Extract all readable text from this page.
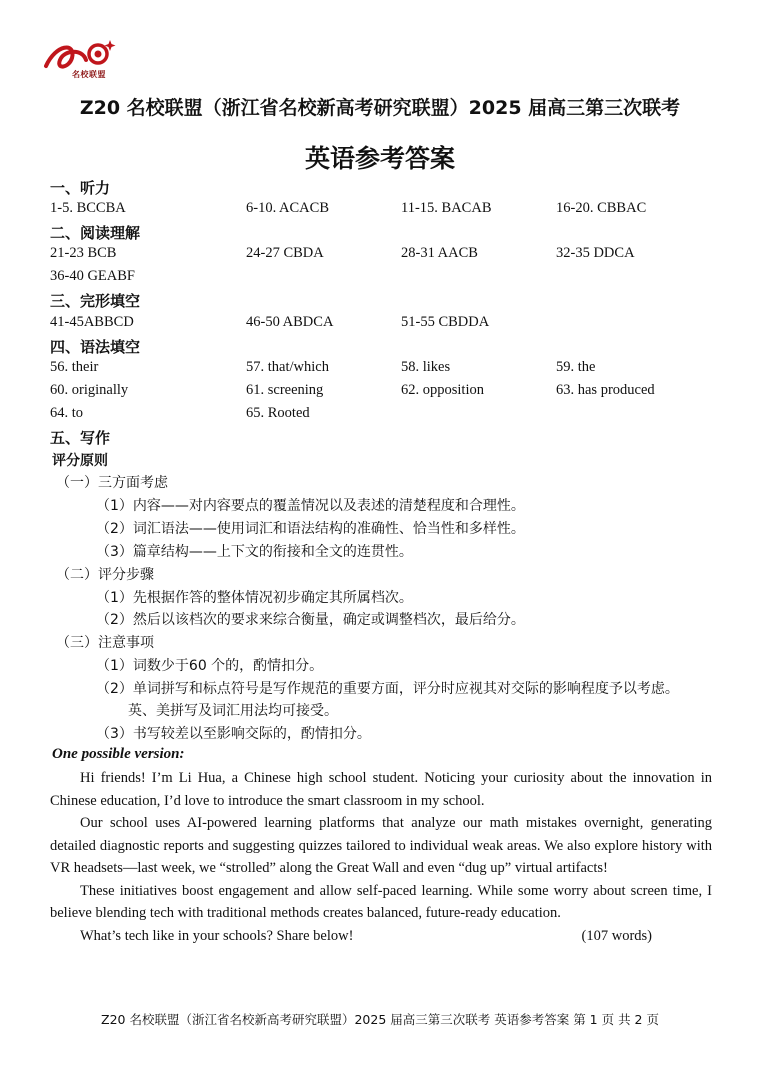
名校联盟
Z20 名校联盟（浙江省名校新高考研究联盟）2025 届高三第三次联考
英语参考答案
一、听力
1-5. BCCBA	6-10. ACACB	11-15. BACAB	16-20. CBBAC
二、阅读理解
21-23 BCB	24-27 CBDA	28-31 AACB	32-35 DDCA
36-40 GEABF
三、完形填空
41-45ABBCD	46-50 ABDCA	51-55 CBDDA
四、语法填空
56. their	57. that/which	58. likes	59. the
60. originally	61. screening	62. opposition	63. has produced
64. to	65. Rooted
五、写作
评分原则
（一）三方面考虑
（1）内容——对内容要点的覆盖情况以及表述的清楚程度和合理性。
（2）词汇语法——使用词汇和语法结构的准确性、恰当性和多样性。
（3）篇章结构——上下文的衔接和全文的连贯性。
（二）评分步骤
（1）先根据作答的整体情况初步确定其所属档次。
（2）然后以该档次的要求来综合衡量，确定或调整档次，最后给分。
（三）注意事项
（1）词数少于60 个的，酌情扣分。
（2）单词拼写和标点符号是写作规范的重要方面，评分时应视其对交际的影响程度予以考虑。
英、美拼写及词汇用法均可接受。
（3）书写较差以至影响交际的，酌情扣分。
One possible version:

Hi friends! I’m Li Hua, a Chinese high school student. Noticing your curiosity about the innovation in Chinese education, I’d love to introduce the smart classroom in my school.

Our school uses AI-powered learning platforms that analyze our math mistakes overnight, generating detailed diagnostic reports and suggesting quizzes tailored to individual weak areas. We also explore history with VR headsets—last week, we “strolled” along the Great Wall and even “dug up” virtual artifacts!

These initiatives boost engagement and allow self-paced learning. While some worry about screen time, I believe blending tech with traditional methods creates balanced, future-ready education.

What’s tech like in your schools? Share below!	(107 words)

Z20 名校联盟（浙江省名校新高考研究联盟）2025 届高三第三次联考 英语参考答案 第 1 页 共 2 页
